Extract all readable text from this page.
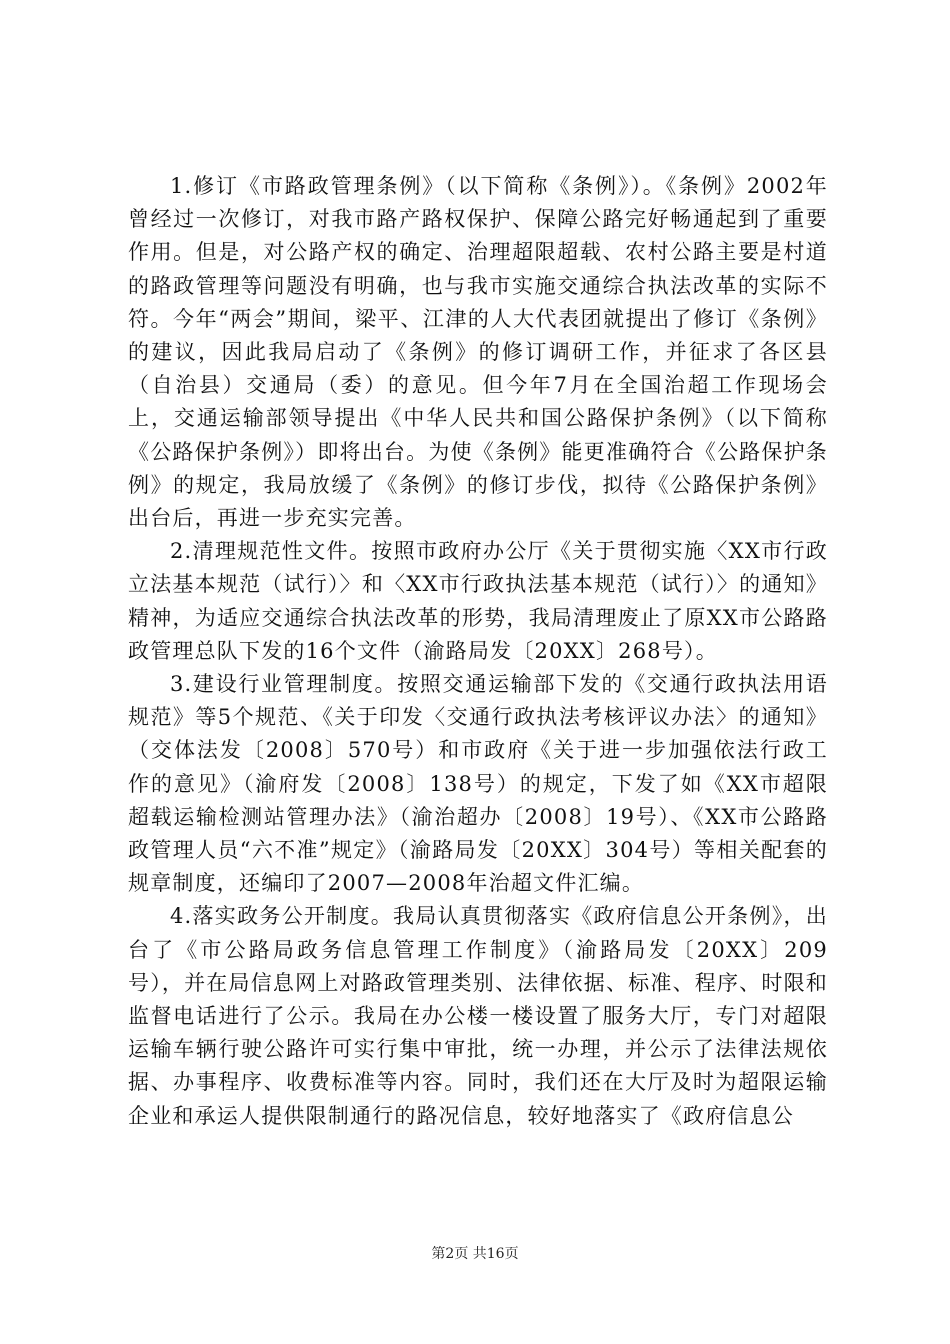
1.修订《市路政管理条例》（以下简称《条例》）。《条例》2002年曾经过一次修订，对我市路产路权保护、保障公路完好畅通起到了重要作用。但是，对公路产权的确定、治理超限超载、农村公路主要是村道的路政管理等问题没有明确，也与我市实施交通综合执法改革的实际不符。今年“两会”期间，梁平、江津的人大代表团就提出了修订《条例》的建议，因此我局启动了《条例》的修订调研工作，并征求了各区县（自治县）交通局（委）的意见。但今年7月在全国治超工作现场会上，交通运输部领导提出《中华人民共和国公路保护条例》（以下简称《公路保护条例》）即将出台。为使《条例》能更准确符合《公路保护条例》的规定，我局放缓了《条例》的修订步伐，拟待《公路保护条例》出台后，再进一步充实完善。

2.清理规范性文件。按照市政府办公厅《关于贯彻实施〈XX市行政立法基本规范（试行）〉和〈XX市行政执法基本规范（试行）〉的通知》精神，为适应交通综合执法改革的形势，我局清理废止了原XX市公路路政管理总队下发的16个文件（渝路局发〔20XX〕268号）。

3.建设行业管理制度。按照交通运输部下发的《交通行政执法用语规范》等5个规范、《关于印发〈交通行政执法考核评议办法〉的通知》（交体法发〔2008〕570号）和市政府《关于进一步加强依法行政工作的意见》（渝府发〔2008〕138号）的规定，下发了如《XX市超限超载运输检测站管理办法》（渝治超办〔2008〕19号）、《XX市公路路政管理人员“六不准”规定》（渝路局发〔20XX〕304号）等相关配套的规章制度，还编印了2007—2008年治超文件汇编。

4.落实政务公开制度。我局认真贯彻落实《政府信息公开条例》，出台了《市公路局政务信息管理工作制度》（渝路局发〔20XX〕209号），并在局信息网上对路政管理类别、法律依据、标准、程序、时限和监督电话进行了公示。我局在办公楼一楼设置了服务大厅，专门对超限运输车辆行驶公路许可实行集中审批，统一办理，并公示了法律法规依据、办事程序、收费标准等内容。同时，我们还在大厅及时为超限运输企业和承运人提供限制通行的路况信息，较好地落实了《政府信息公

第2页 共16页
